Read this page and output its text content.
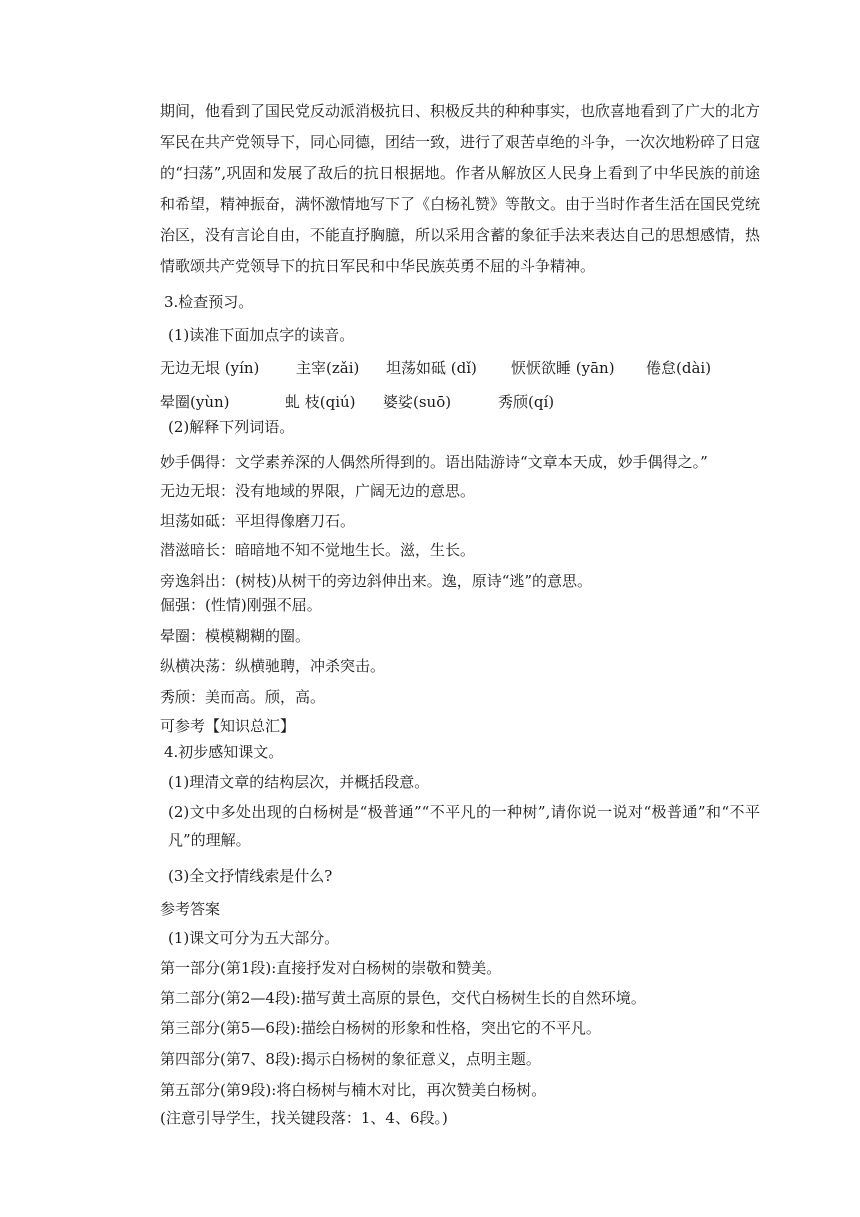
期间，他看到了国民党反动派消极抗日、积极反共的种种事实，也欣喜地看到了广大的北方军民在共产党领导下，同心同德，团结一致，进行了艰苦卓绝的斗争，一次次地粉碎了日寇的“扫荡”,巩固和发展了敌后的抗日根据地。作者从解放区人民身上看到了中华民族的前途和希望，精神振奋，满怀激情地写下了《白杨礼赞》等散文。由于当时作者生活在国民党统治区，没有言论自由，不能直抒胸臆，所以采用含蓄的象征手法来表达自己的思想感情，热情歌颂共产党领导下的抗日军民和中华民族英勇不屈的斗争精神。

3.检查预习。

(1)读准下面加点字的读音。

无边无垠 (yín)	主宰(zǎi)	坦荡如砥 (dǐ)	恹恹欲睡 (yān)	倦怠(dài)
晕圈(yùn)	虬 枝(qiú)	婆娑(suō)	秀颀(qí)

(2)解释下列词语。

妙手偶得：文学素养深的人偶然所得到的。语出陆游诗“文章本天成，妙手偶得之。”

无边无垠：没有地域的界限，广阔无边的意思。

坦荡如砥：平坦得像磨刀石。

潜滋暗长：暗暗地不知不觉地生长。滋，生长。

旁逸斜出：(树枝)从树干的旁边斜伸出来。逸，原诗“逃”的意思。

倔强：(性情)刚强不屈。

晕圈：模模糊糊的圈。

纵横决荡：纵横驰聘，冲杀突击。

秀颀：美而高。颀，高。

可参考【知识总汇】

4.初步感知课文。

(1)理清文章的结构层次，并概括段意。

(2)文中多处出现的白杨树是“极普通”“不平凡的一种树”,请你说一说对“极普通”和“不平凡”的理解。

(3)全文抒情线索是什么?

参考答案

(1)课文可分为五大部分。

第一部分(第1段):直接抒发对白杨树的崇敬和赞美。

第二部分(第2—4段):描写黄土高原的景色，交代白杨树生长的自然环境。

第三部分(第5—6段):描绘白杨树的形象和性格，突出它的不平凡。

第四部分(第7、8段):揭示白杨树的象征意义，点明主题。

第五部分(第9段):将白杨树与楠木对比，再次赞美白杨树。

(注意引导学生，找关键段落：1、4、6段。)
